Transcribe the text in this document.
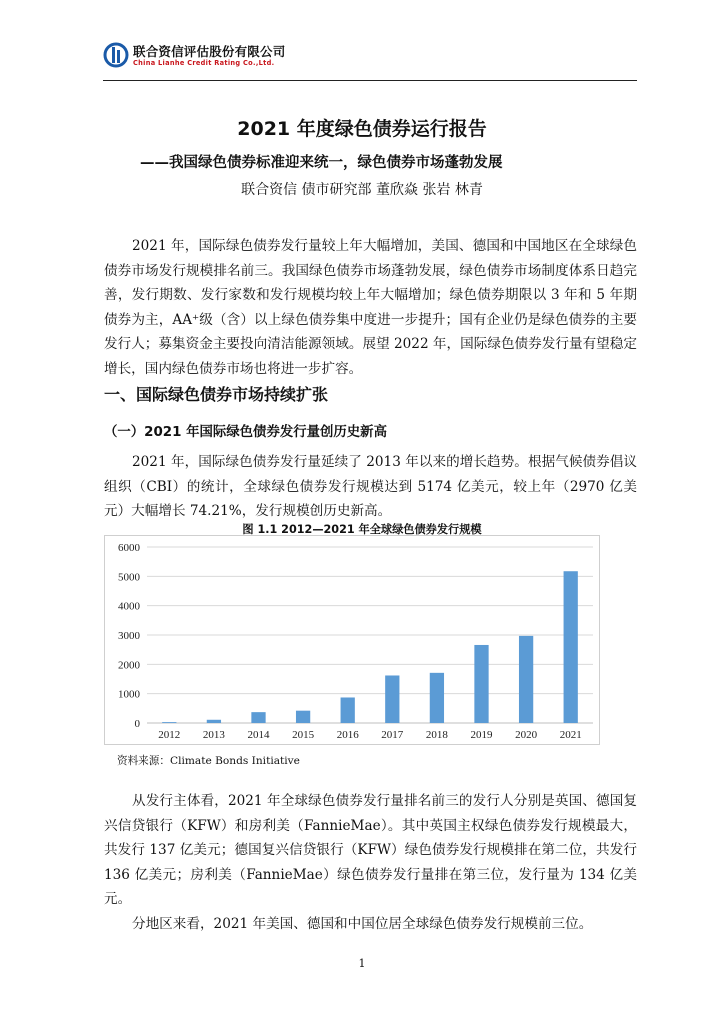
联合资信评估股份有限公司
China Lianhe Credit Rating Co.,Ltd.
2021 年度绿色债券运行报告
——我国绿色债券标准迎来统一，绿色债券市场蓬勃发展
联合资信 债市研究部 董欣焱 张岩 林青

2021 年，国际绿色债券发行量较上年大幅增加，美国、德国和中国地区在全球绿色债券市场发行规模排名前三。我国绿色债券市场蓬勃发展，绿色债券市场制度体系日趋完善，发行期数、发行家数和发行规模均较上年大幅增加；绿色债券期限以 3 年和 5 年期债券为主，AA⁺级（含）以上绿色债券集中度进一步提升；国有企业仍是绿色债券的主要发行人；募集资金主要投向清洁能源领域。展望 2022 年，国际绿色债券发行量有望稳定增长，国内绿色债券市场也将进一步扩容。

一、国际绿色债券市场持续扩张
（一）2021 年国际绿色债券发行量创历史新高

2021 年，国际绿色债券发行量延续了 2013 年以来的增长趋势。根据气候债券倡议组织（CBI）的统计，全球绿色债券发行规模达到 5174 亿美元，较上年（2970 亿美元）大幅增长 74.21%，发行规模创历史新高。

图 1.1 2012—2021 年全球绿色债券发行规模
0
1000
2000
3000
4000
5000
6000
2012 2013 2014 2015 2016 2017 2018 2019 2020 2021
资料来源：Climate Bonds Initiative

从发行主体看，2021 年全球绿色债券发行量排名前三的发行人分别是英国、德国复兴信贷银行（KFW）和房利美（FannieMae）。其中英国主权绿色债券发行规模最大，共发行 137 亿美元；德国复兴信贷银行（KFW）绿色债券发行规模排在第二位，共发行 136 亿美元；房利美（FannieMae）绿色债券发行量排在第三位，发行量为 134 亿美元。

分地区来看，2021 年美国、德国和中国位居全球绿色债券发行规模前三位。

1
